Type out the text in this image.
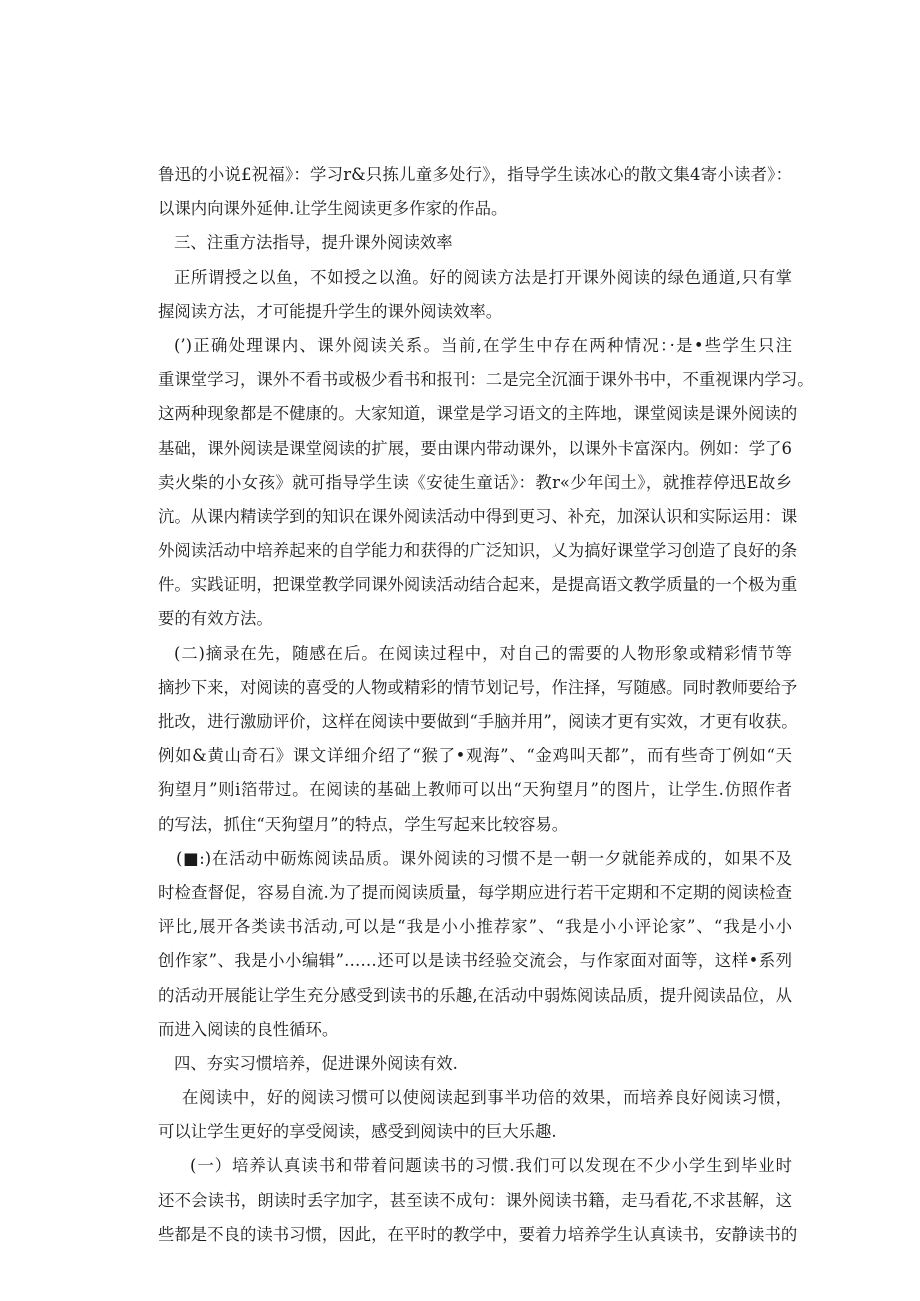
鲁迅的小说£祝福》：学习r&只拣儿童多处行》，指导学生读冰心的散文集4寄小读者》：
以课内向课外延伸.让学生阅读更多作家的作品。
三、注重方法指导，提升课外阅读效率
正所谓授之以鱼，不如授之以渔。好的阅读方法是打开课外阅读的绿色通道,只有掌
握阅读方法，才可能提升学生的课外阅读效率。
(’)正确处理课内、课外阅读关系。当前,在学生中存在两种情况：·是•些学生只注
重课堂学习，课外不看书或极少看书和报刊：二是完全沉湎于课外书中，不重视课内学习。
这两种现象都是不健康的。大家知道，课堂是学习语文的主阵地，课堂阅读是课外阅读的
基础，课外阅读是课堂阅读的扩展，要由课内带动课外，以课外卡富深内。例如：学了6
卖火柴的小女孩》就可指导学生读《安徒生童话》：教r«少年闰土》，就推荐停迅E故乡
沆。从课内精读学到的知识在课外阅读活动中得到更习、补充，加深认识和实际运用：课
外阅读活动中培养起来的自学能力和获得的广泛知识，乂为搞好课堂学习创造了良好的条
件。实践证明，把课堂教学同课外阅读活动结合起来，是提高语文教学质量的一个极为重
要的有效方法。
(二)摘录在先，随感在后。在阅读过程中，对自己的需要的人物形象或精彩情节等
摘抄下来，对阅读的喜受的人物或精彩的情节划记号，作注择，写随感。同时教师要给予
批改，进行激励评价，这样在阅读中要做到“手脑并用”，阅读才更有实效，才更有收获。
例如&黄山奇石》课文详细介绍了“猴了•观海”、“金鸡叫天都”，而有些奇丁例如“天
狗望月”则i箔带过。在阅读的基础上教师可以出“天狗望月”的图片，让学生.仿照作者
的写法，抓住“天狗望月”的特点，学生写起来比较容易。
(■:)在活动中砺炼阅读品质。课外阅读的习惯不是一朝一夕就能养成的，如果不及
时检查督促，容易自流.为了提而阅读质量，每学期应进行若干定期和不定期的阅读检查
评比,展开各类读书活动,可以是“我是小小推荐家”、“我是小小评论家”、“我是小小
创作家”、我是小小编辑”……还可以是读书经验交流会，与作家面对面等，这样•系列
的活动开展能让学生充分感受到读书的乐趣,在活动中弱炼阅读品质，提升阅读品位，从
而进入阅读的良性循环。
四、夯实习惯培养，促进课外阅读有效.
在阅读中，好的阅读习惯可以使阅读起到事半功倍的效果，而培养良好阅读习惯，
可以让学生更好的享受阅读，感受到阅读中的巨大乐趣.
(一）培养认真读书和带着问题读书的习惯.我们可以发现在不少小学生到毕业时
还不会读书，朗读时丢字加字，甚至读不成句：课外阅读书籍，走马看花,不求甚解，这
些都是不良的读书习惯，因此，在平时的教学中，要着力培养学生认真读书，安静读书的
